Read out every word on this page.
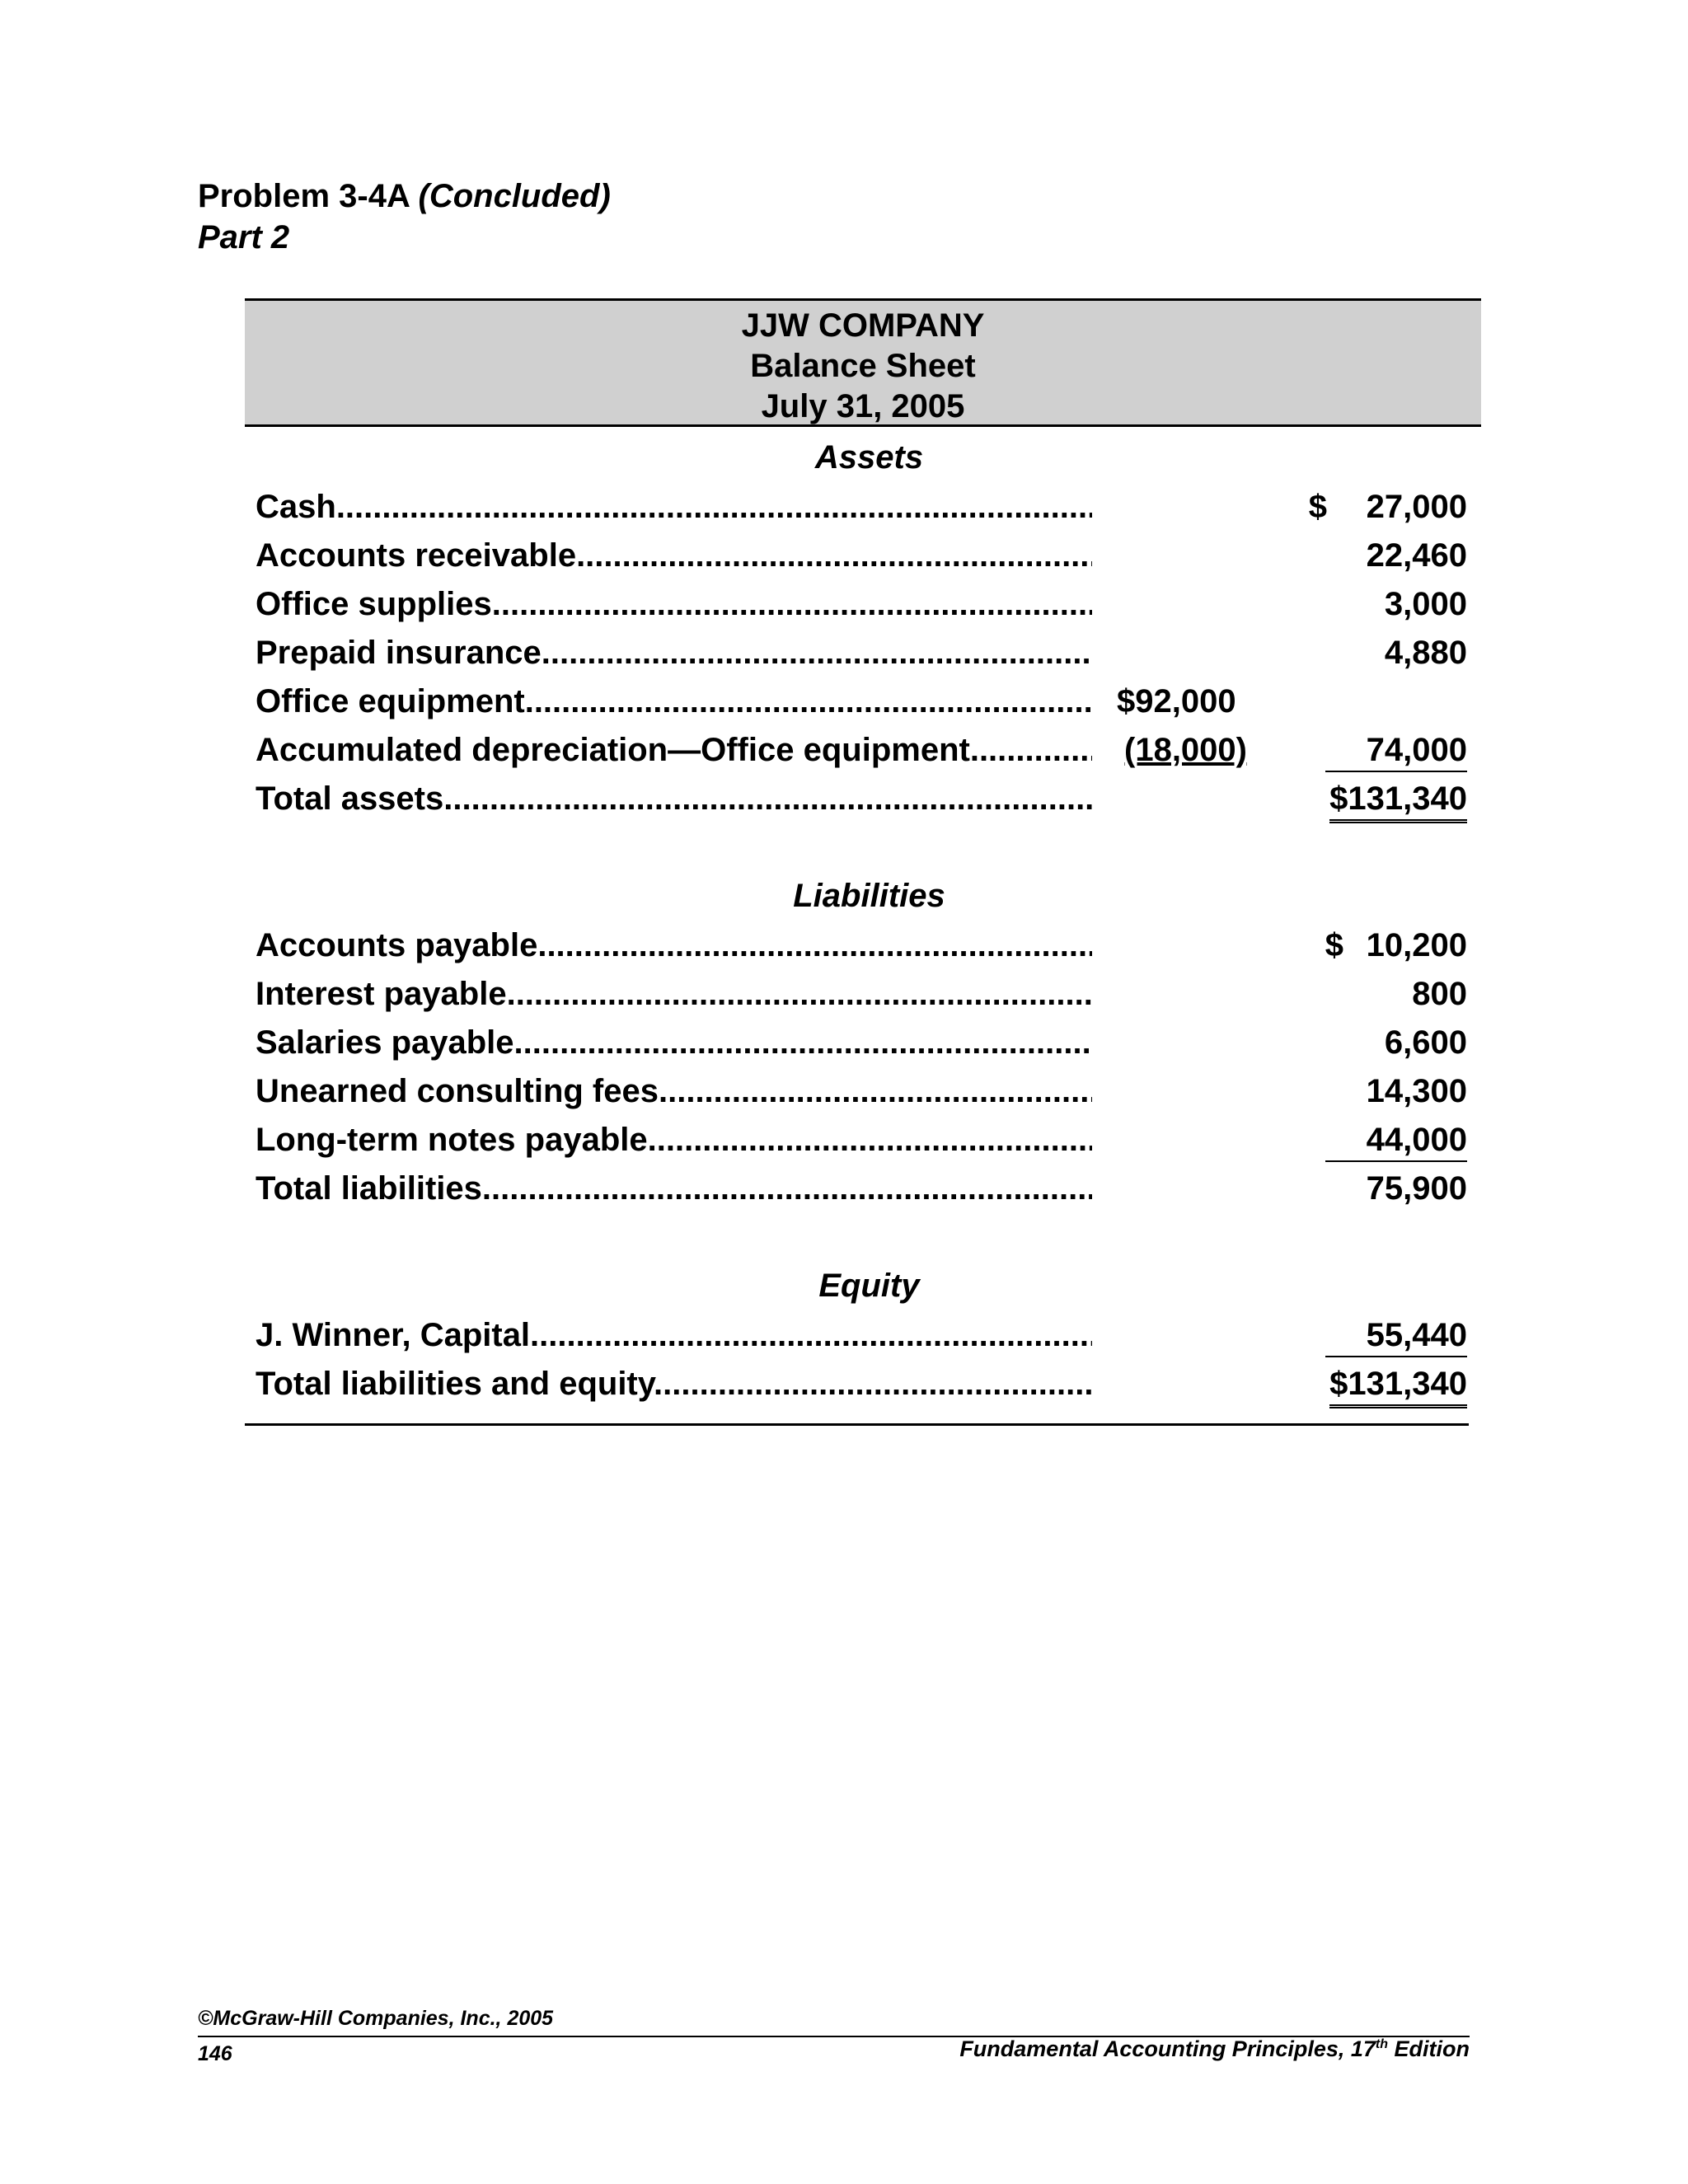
Problem 3-4A (Concluded)
Part 2
JJW COMPANY
Balance Sheet
July 31, 2005
Assets
Cash .....	$ 27,000
Accounts receivable .....	22,460
Office supplies .....	3,000
Prepaid insurance .....	4,880
Office equipment .....	$92,000
Accumulated depreciation—Office equipment .....	(18,000)	74,000
Total assets .....	$131,340
Liabilities
Accounts payable .....	$ 10,200
Interest payable .....	800
Salaries payable .....	6,600
Unearned consulting fees .....	14,300
Long-term notes payable .....	44,000
Total liabilities .....	75,900
Equity
J. Winner, Capital .....	55,440
Total liabilities and equity .....	$131,340
©McGraw-Hill Companies, Inc., 2005
146	Fundamental Accounting Principles, 17th Edition
